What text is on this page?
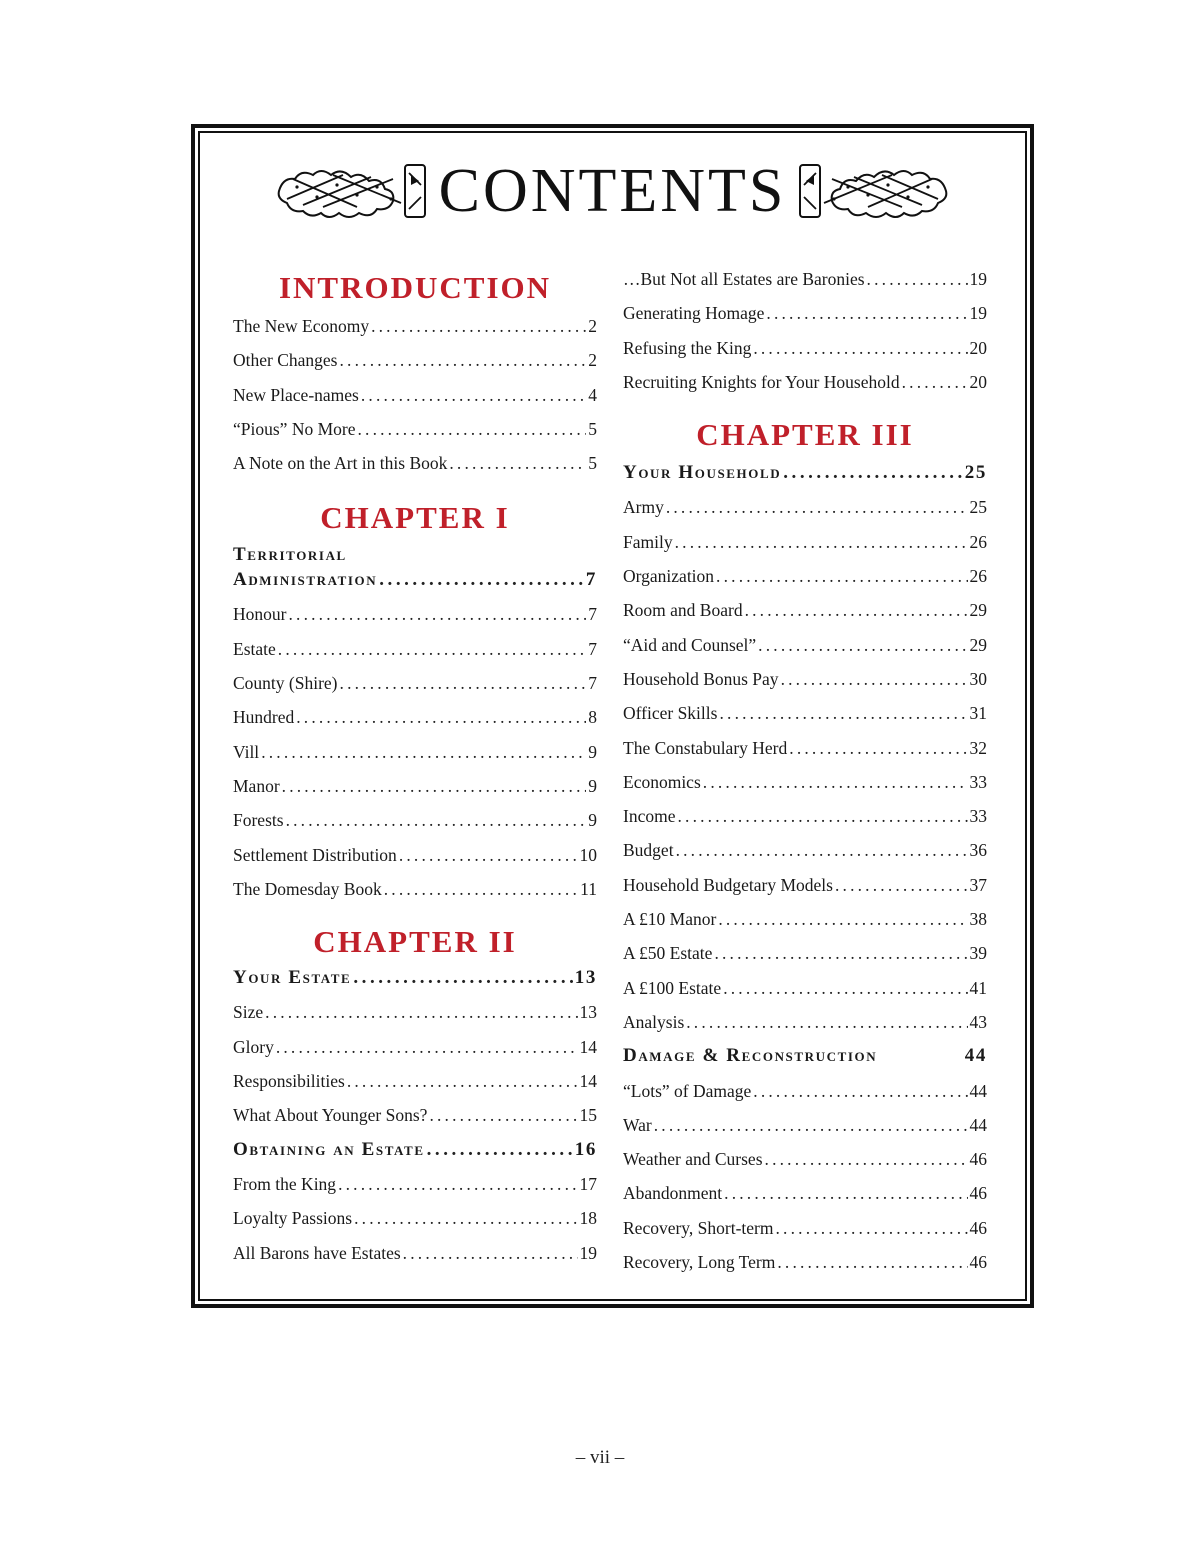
CONTENTS
INTRODUCTION
The New Economy . . .	2
Other Changes . . .	2
New Place-names . . .	4
“Pious” No More . . .	5
A Note on the Art in this Book . . .	5
CHAPTER I
Territorial
Administration . . .	7
Honour . . .	7
Estate . . .	7
County (Shire) . . .	7
Hundred . . .	8
Vill . . .	9
Manor . . .	9
Forests . . .	9
Settlement Distribution . . .	10
The Domesday Book . . .	11
CHAPTER II
Your Estate . . .	13
Size . . .	13
Glory . . .	14
Responsibilities . . .	14
What About Younger Sons? . . .	15
Obtaining an Estate . . .	16
From the King . . .	17
Loyalty Passions . . .	18
All Barons have Estates . . .	19
…But Not all Estates are Baronies . . .	19
Generating Homage . . .	19
Refusing the King . . .	20
Recruiting Knights for Your Household . . .	20
CHAPTER III
Your Household . . .	25
Army . . .	25
Family . . .	26
Organization . . .	26
Room and Board . . .	29
“Aid and Counsel” . . .	29
Household Bonus Pay . . .	30
Officer Skills . . .	31
The Constabulary Herd . . .	32
Economics . . .	33
Income . . .	33
Budget . . .	36
Household Budgetary Models . . .	37
A £10 Manor . . .	38
A £50 Estate . . .	39
A £100 Estate . . .	41
Analysis . . .	43
Damage & Reconstruction	44
“Lots” of Damage . . .	44
War . . .	44
Weather and Curses . . .	46
Abandonment . . .	46
Recovery, Short-term . . .	46
Recovery, Long Term . . .	46
– vii –
